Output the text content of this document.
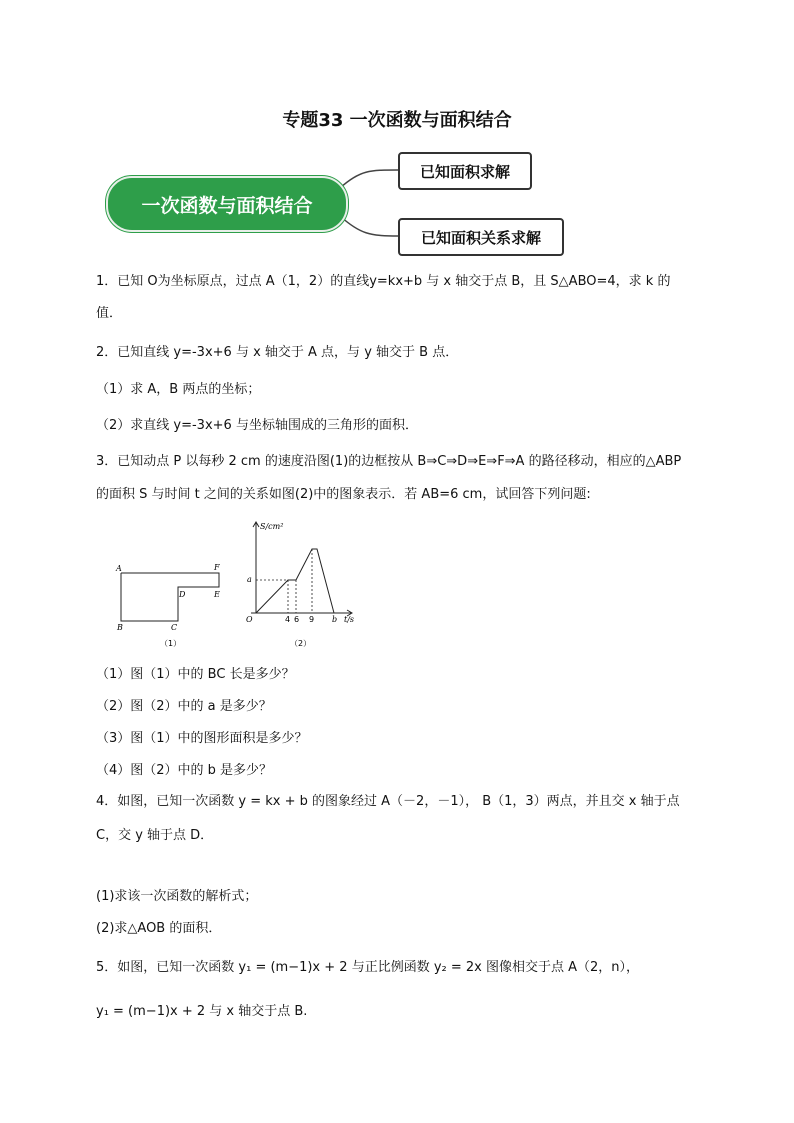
专题33 一次函数与面积结合
一次函数与面积结合
已知面积求解
已知面积关系求解
1．已知 O为坐标原点，过点 A（1，2）的直线y=kx+b 与 x 轴交于点 B，且 S△ABO=4，求 k 的
值．
2．已知直线 y=-3x+6 与 x 轴交于 A 点，与 y 轴交于 B 点．
（1）求 A，B 两点的坐标；
（2）求直线 y=-3x+6 与坐标轴围成的三角形的面积．
3．已知动点 P 以每秒 2 cm 的速度沿图(1)的边框按从 B⇒C⇒D⇒E⇒F⇒A 的路径移动，相应的△ABP
的面积 S 与时间 t 之间的关系如图(2)中的图象表示．若 AB=6 cm，试回答下列问题:
A	F
E
D
B	C
（1）
S/cm²
t/s
O
a
4 6 9 b
（2）
（1）图（1）中的 BC 长是多少？
（2）图（2）中的 a 是多少？
（3）图（1）中的图形面积是多少？
（4）图（2）中的 b 是多少？
4．如图，已知一次函数 y = kx + b 的图象经过 A（－2，－1）， B（1，3）两点，并且交 x 轴于点
C，交 y 轴于点 D．
(1)求该一次函数的解析式；
(2)求△AOB 的面积．
5．如图，已知一次函数 y₁ = (m−1)x + 2 与正比例函数 y₂ = 2x 图像相交于点 A（2，n），
y₁ = (m−1)x + 2 与 x 轴交于点 B.
